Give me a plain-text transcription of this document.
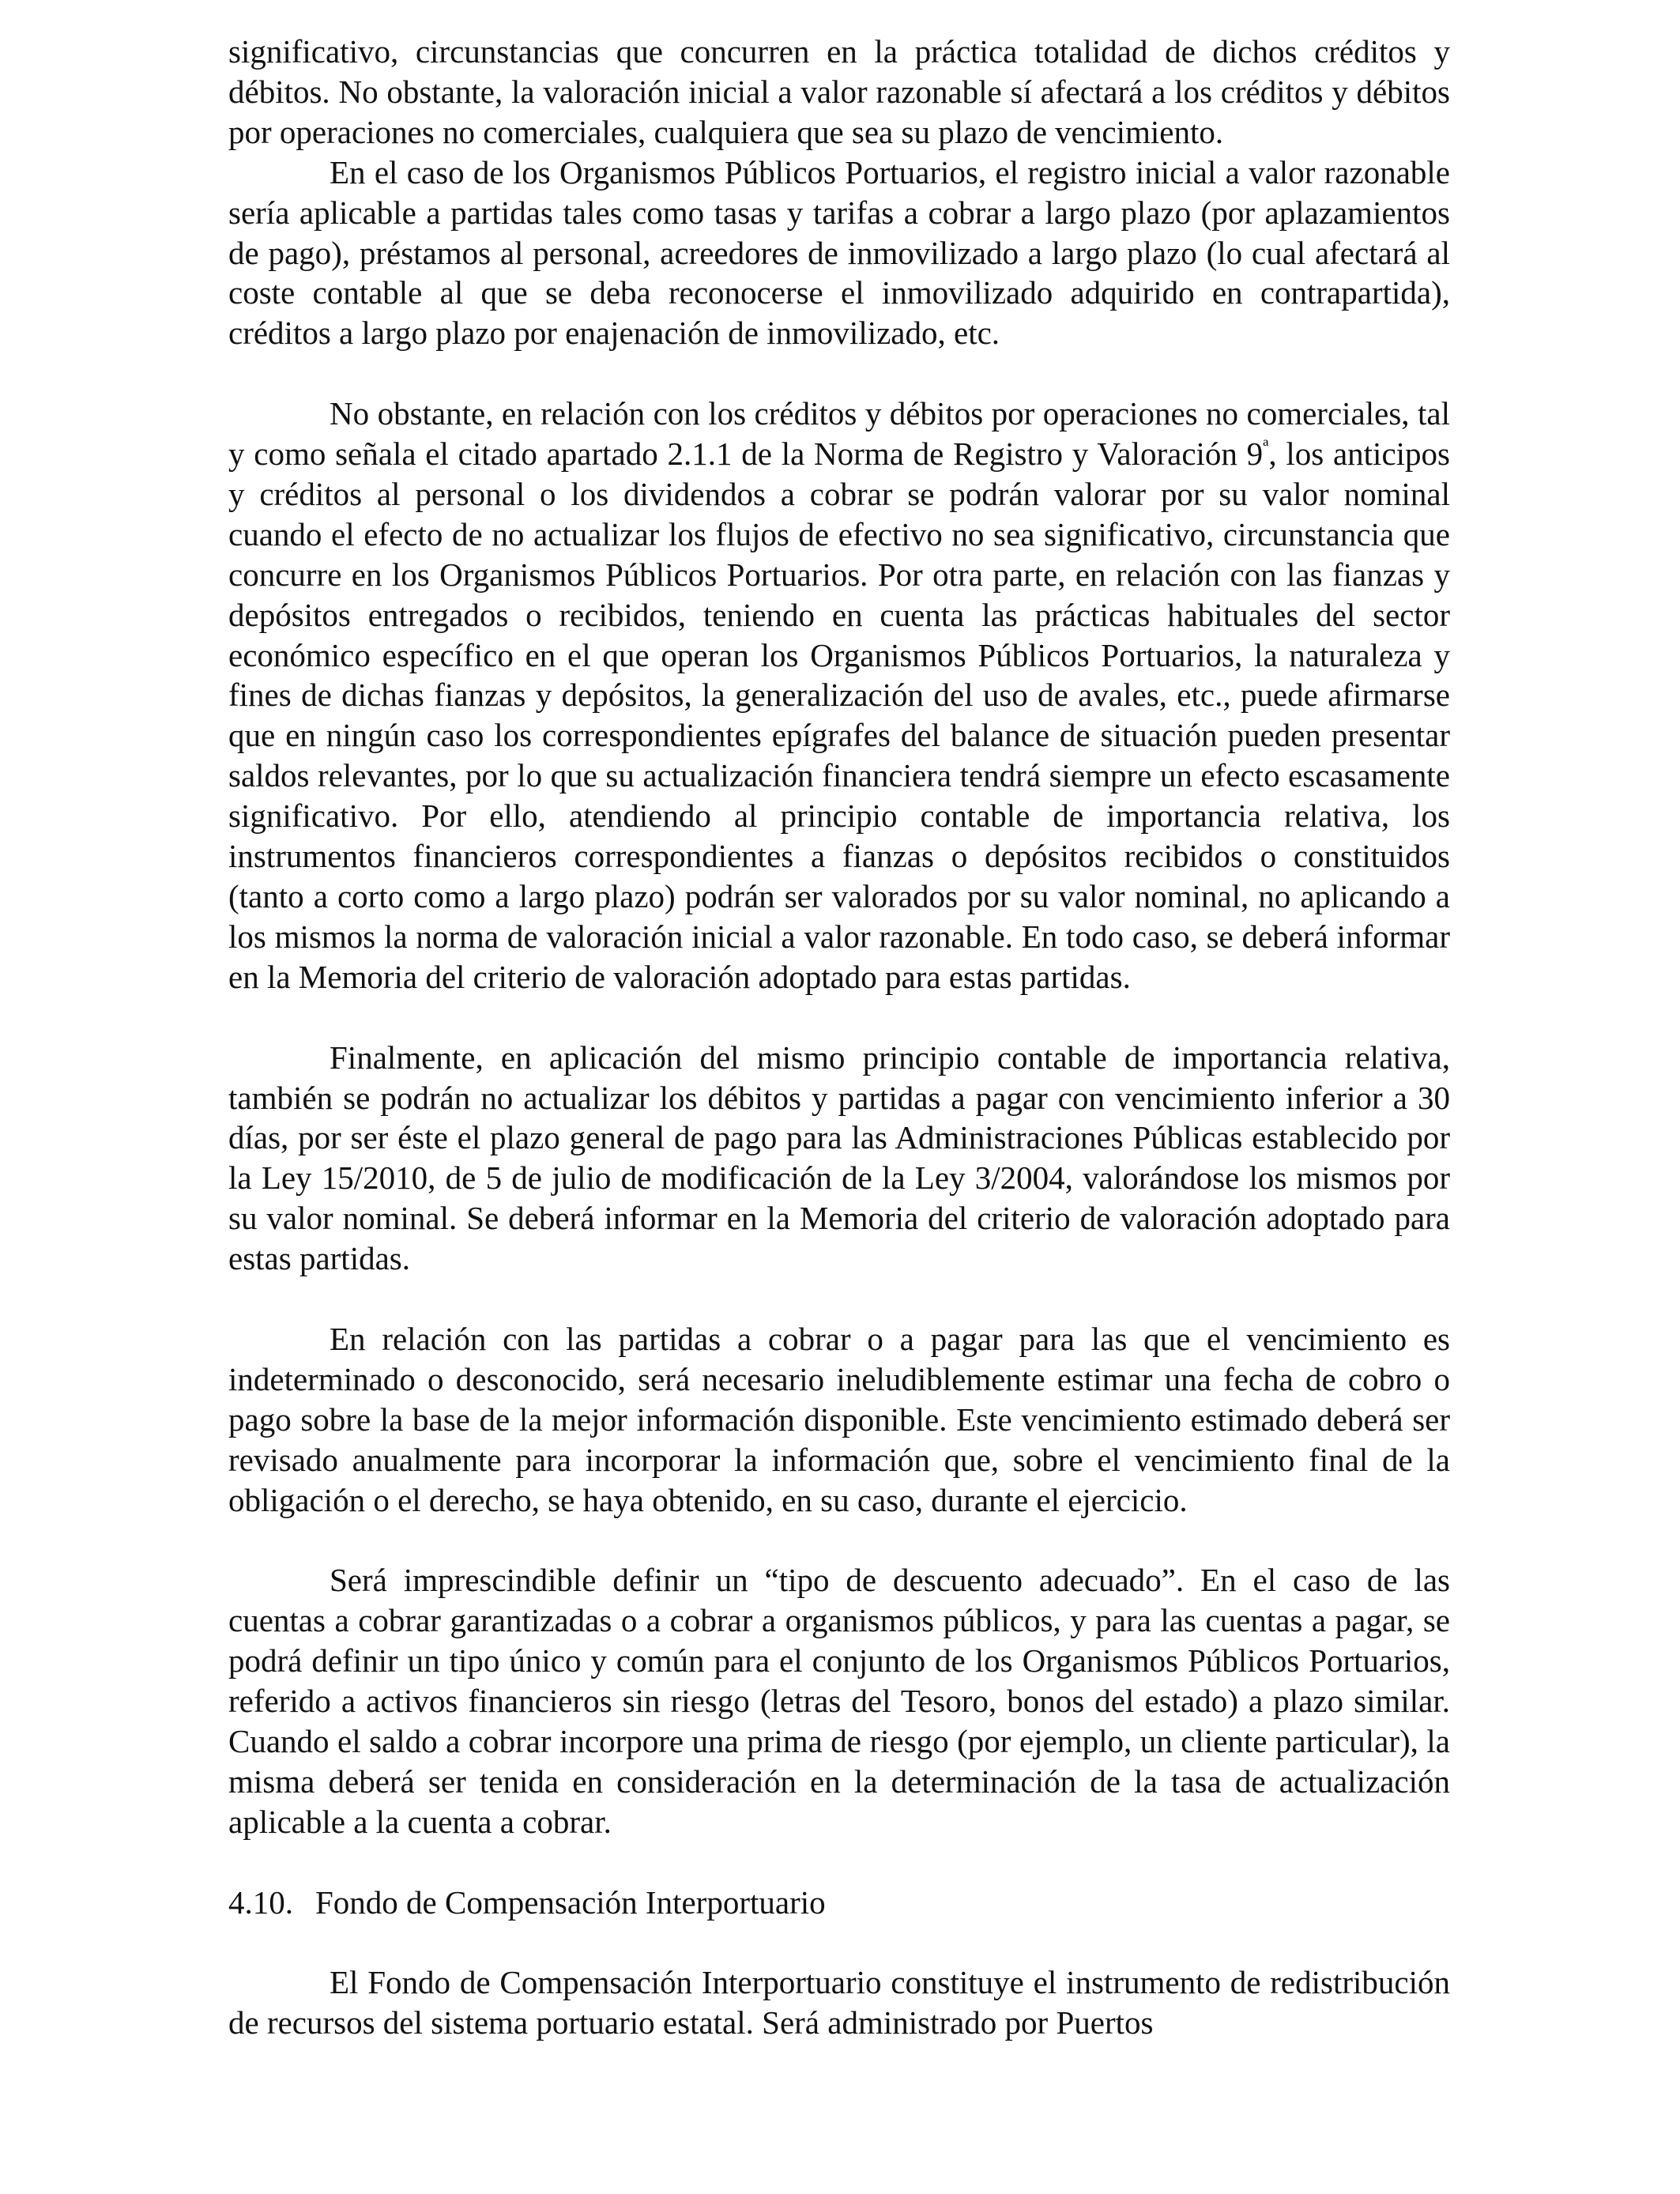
significativo, circunstancias que concurren en la práctica totalidad de dichos créditos y débitos. No obstante, la valoración inicial a valor razonable sí afectará a los créditos y débitos por operaciones no comerciales, cualquiera que sea su plazo de vencimiento.

En el caso de los Organismos Públicos Portuarios, el registro inicial a valor razonable sería aplicable a partidas tales como tasas y tarifas a cobrar a largo plazo (por aplazamientos de pago), préstamos al personal, acreedores de inmovilizado a largo plazo (lo cual afectará al coste contable al que se deba reconocerse el inmovilizado adquirido en contrapartida), créditos a largo plazo por enajenación de inmovilizado, etc.

No obstante, en relación con los créditos y débitos por operaciones no comerciales, tal y como señala el citado apartado 2.1.1 de la Norma de Registro y Valoración $9^ª$, los anticipos y créditos al personal o los dividendos a cobrar se podrán valorar por su valor nominal cuando el efecto de no actualizar los flujos de efectivo no sea significativo, circunstancia que concurre en los Organismos Públicos Portuarios. Por otra parte, en relación con las fianzas y depósitos entregados o recibidos, teniendo en cuenta las prácticas habituales del sector económico específico en el que operan los Organismos Públicos Portuarios, la naturaleza y fines de dichas fianzas y depósitos, la generalización del uso de avales, etc., puede afirmarse que en ningún caso los correspondientes epígrafes del balance de situación pueden presentar saldos relevantes, por lo que su actualización financiera tendrá siempre un efecto escasamente significativo. Por ello, atendiendo al principio contable de importancia relativa, los instrumentos financieros correspondientes a fianzas o depósitos recibidos o constituidos (tanto a corto como a largo plazo) podrán ser valorados por su valor nominal, no aplicando a los mismos la norma de valoración inicial a valor razonable. En todo caso, se deberá informar en la Memoria del criterio de valoración adoptado para estas partidas.

Finalmente, en aplicación del mismo principio contable de importancia relativa, también se podrán no actualizar los débitos y partidas a pagar con vencimiento inferior a 30 días, por ser éste el plazo general de pago para las Administraciones Públicas establecido por la Ley 15/2010, de 5 de julio de modificación de la Ley 3/2004, valorándose los mismos por su valor nominal. Se deberá informar en la Memoria del criterio de valoración adoptado para estas partidas.

En relación con las partidas a cobrar o a pagar para las que el vencimiento es indeterminado o desconocido, será necesario ineludiblemente estimar una fecha de cobro o pago sobre la base de la mejor información disponible. Este vencimiento estimado deberá ser revisado anualmente para incorporar la información que, sobre el vencimiento final de la obligación o el derecho, se haya obtenido, en su caso, durante el ejercicio.

Será imprescindible definir un “tipo de descuento adecuado”. En el caso de las cuentas a cobrar garantizadas o a cobrar a organismos públicos, y para las cuentas a pagar, se podrá definir un tipo único y común para el conjunto de los Organismos Públicos Portuarios, referido a activos financieros sin riesgo (letras del Tesoro, bonos del estado) a plazo similar. Cuando el saldo a cobrar incorpore una prima de riesgo (por ejemplo, un cliente particular), la misma deberá ser tenida en consideración en la determinación de la tasa de actualización aplicable a la cuenta a cobrar.

4.10. Fondo de Compensación Interportuario

El Fondo de Compensación Interportuario constituye el instrumento de redistribución de recursos del sistema portuario estatal. Será administrado por Puertos
